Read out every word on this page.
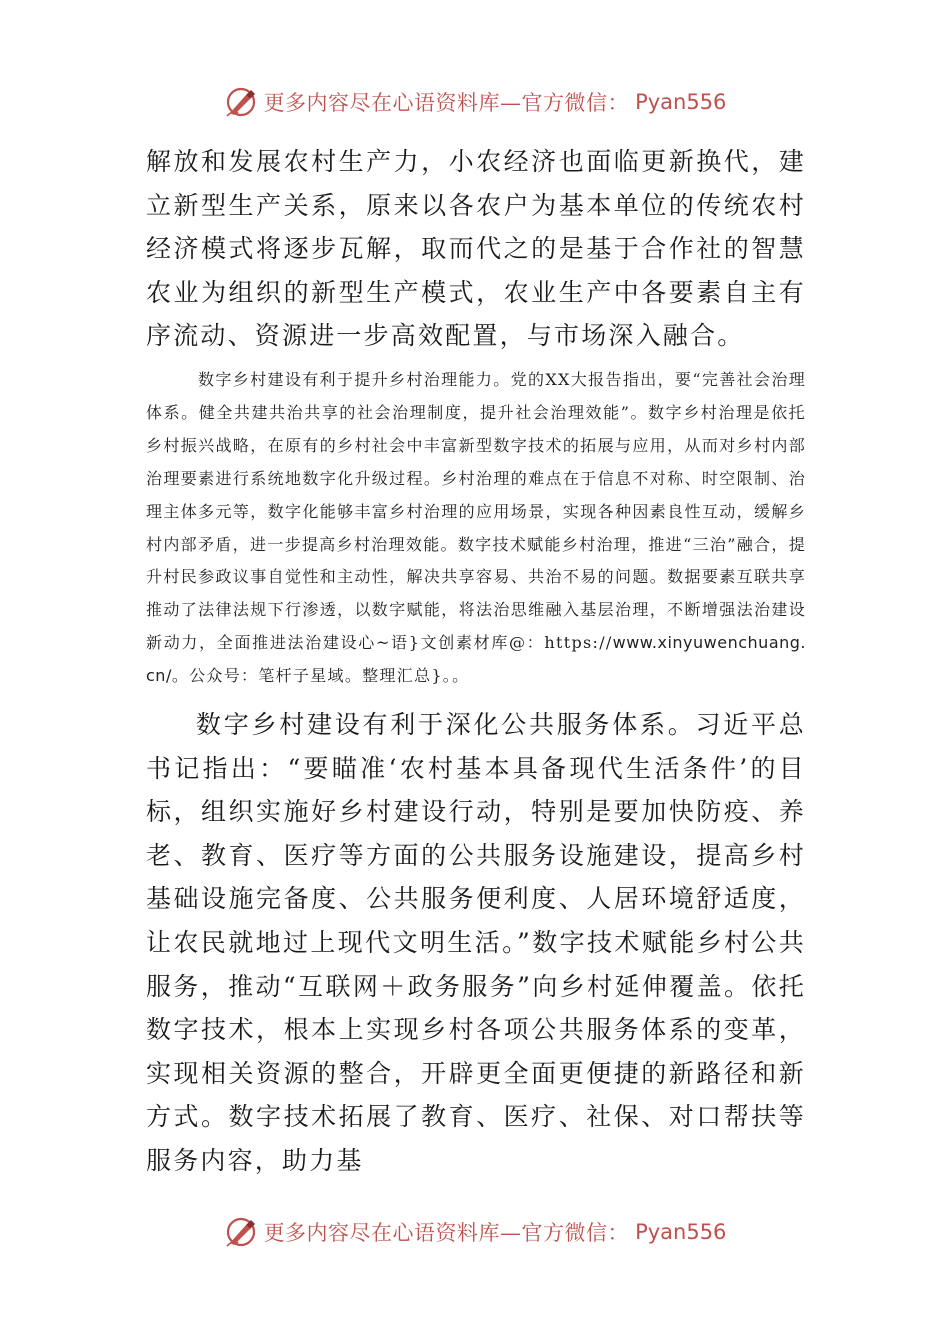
更多内容尽在心语资料库—官方微信： Pyan556

解放和发展农村生产力，小农经济也面临更新换代，建立新型生产关系，原来以各农户为基本单位的传统农村经济模式将逐步瓦解，取而代之的是基于合作社的智慧农业为组织的新型生产模式，农业生产中各要素自主有序流动、资源进一步高效配置，与市场深入融合。

数字乡村建设有利于提升乡村治理能力。党的XX大报告指出，要“完善社会治理体系。健全共建共治共享的社会治理制度，提升社会治理效能”。数字乡村治理是依托乡村振兴战略，在原有的乡村社会中丰富新型数字技术的拓展与应用，从而对乡村内部治理要素进行系统地数字化升级过程。乡村治理的难点在于信息不对称、时空限制、治理主体多元等，数字化能够丰富乡村治理的应用场景，实现各种因素良性互动，缓解乡村内部矛盾，进一步提高乡村治理效能。数字技术赋能乡村治理，推进“三治”融合，提升村民参政议事自觉性和主动性，解决共享容易、共治不易的问题。数据要素互联共享推动了法律法规下行渗透，以数字赋能，将法治思维融入基层治理，不断增强法治建设新动力，全面推进法治建设心~语}文创素材库@：https://www.xinyuwenchuang.cn/。公众号：笔杆子星域。整理汇总}。。

数字乡村建设有利于深化公共服务体系。习近平总书记指出：“要瞄准‘农村基本具备现代生活条件’的目标，组织实施好乡村建设行动，特别是要加快防疫、养老、教育、医疗等方面的公共服务设施建设，提高乡村基础设施完备度、公共服务便利度、人居环境舒适度，让农民就地过上现代文明生活。”数字技术赋能乡村公共服务，推动“互联网＋政务服务”向乡村延伸覆盖。依托数字技术，根本上实现乡村各项公共服务体系的变革，实现相关资源的整合，开辟更全面更便捷的新路径和新方式。数字技术拓展了教育、医疗、社保、对口帮扶等服务内容，助力基

更多内容尽在心语资料库—官方微信： Pyan556
